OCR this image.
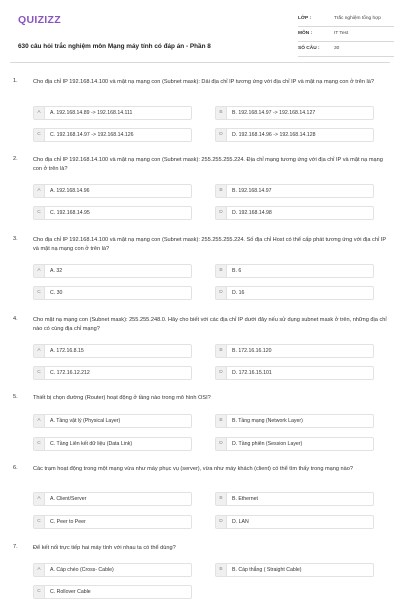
QUIZIZZ
630 câu hỏi trắc nghiệm môn Mạng máy tính có đáp án - Phần 8
LỚP :	Trắc nghiệm tổng hợp
MÔN :	IT Test
SỐ CÂU :	30
1.	Cho địa chỉ IP 192.168.14.100 và mặt nạ mạng con (Subnet mask): Dải địa chỉ IP tương ứng với địa chỉ IP và mặt nạ mạng con ở trên là?
A	A. 192.168.14.89 -> 192.168.14.111	B	B. 192.168.14.97 -> 192.168.14.127
C	C. 192.168.14.97 -> 192.168.14.126	D	D. 192.168.14.96 -> 192.168.14.128
2.	Cho địa chỉ IP 192.168.14.100 và mặt nạ mạng con (Subnet mask): 255.255.255.224. Địa chỉ mạng tương ứng với địa chỉ IP và mặt nạ mạng con ở trên là?
A	A. 192.168.14.96	B	B. 192.168.14.97
C	C. 192.168.14.95	D	D. 192.168.14.98
3.	Cho địa chỉ IP 192.168.14.100 và mặt nạ mạng con (Subnet mask): 255.255.255.224. Số địa chỉ Host có thể cấp phát tương ứng với địa chỉ IP và mặt nạ mạng con ở trên là?
A	A. 32	B	B. 6
C	C. 30	D	D. 16
4.	Cho mặt nạ mạng con (Subnet mask): 255.255.248.0. Hãy cho biết với các địa chỉ IP dưới đây nếu sử dụng subnet mask ở trên, những địa chỉ nào có cùng địa chỉ mạng?
A	A. 172.16.8.15	B	B. 172.16.16.120
C	C. 172.16.12.212	D	D. 172.16.15.101
5.	Thiết bị chọn đường (Router) hoạt động ở tầng nào trong mô hình OSI?
A	A. Tầng vật lý (Physical Layer)	B	B. Tầng mạng (Network Layer)
C	C. Tầng Liên kết dữ liệu (Data Link)	D	D. Tầng phiên (Session Layer)
6.	Các trạm hoạt động trong một mạng vừa như máy phục vụ (server), vừa như máy khách (client) có thể tìm thấy trong mạng nào?
A	A. Client/Server	B	B. Ethernet
C	C. Peer to Peer	D	D. LAN
7.	Để kết nối trực tiếp hai máy tính với nhau ta có thể dùng?
A	A. Cáp chéo (Cross- Cable)	B	B. Cáp thẳng ( Straight Cable)
C	C. Rollover Cable
